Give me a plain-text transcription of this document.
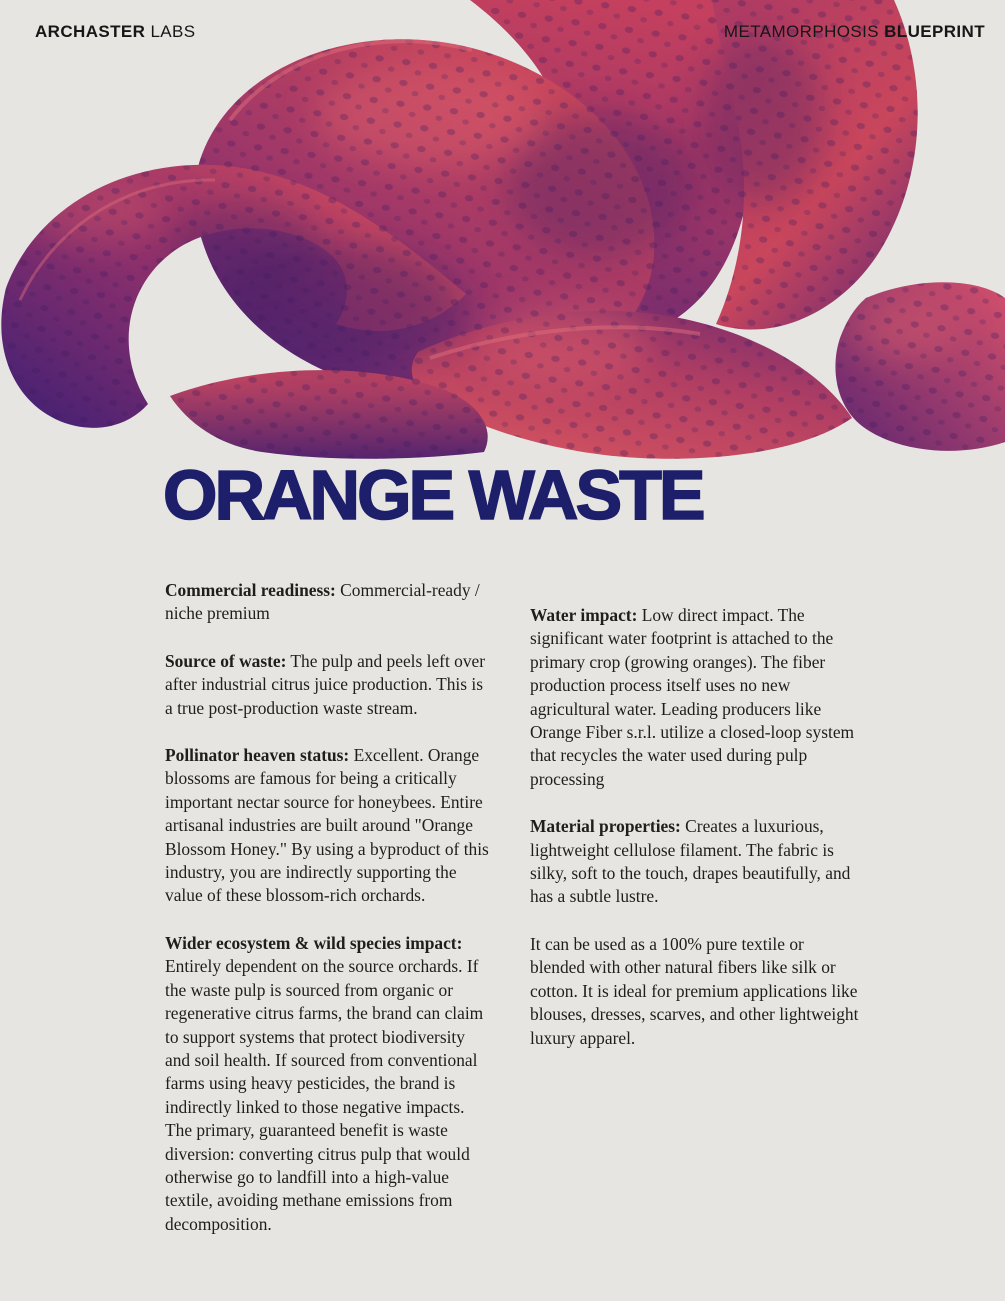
ARCHASTER LABS	METAMORPHOSIS BLUEPRINT
ORANGE WASTE

Commercial readiness: Commercial-ready / niche premium

Source of waste: The pulp and peels left over after industrial citrus juice production. This is a true post-production waste stream.

Pollinator heaven status: Excellent. Orange blossoms are famous for being a critically important nectar source for honeybees. Entire artisanal industries are built around "Orange Blossom Honey." By using a byproduct of this industry, you are indirectly supporting the value of these blossom-rich orchards.

Wider ecosystem & wild species impact: Entirely dependent on the source orchards. If the waste pulp is sourced from organic or regenerative citrus farms, the brand can claim to support systems that protect biodiversity and soil health. If sourced from conventional farms using heavy pesticides, the brand is indirectly linked to those negative impacts. The primary, guaranteed benefit is waste diversion: converting citrus pulp that would otherwise go to landfill into a high-value textile, avoiding methane emissions from decomposition.

Water impact: Low direct impact. The significant water footprint is attached to the primary crop (growing oranges). The fiber production process itself uses no new agricultural water. Leading producers like Orange Fiber s.r.l. utilize a closed-loop system that recycles the water used during pulp processing

Material properties: Creates a luxurious, lightweight cellulose filament. The fabric is silky, soft to the touch, drapes beautifully, and has a subtle lustre.

It can be used as a 100% pure textile or blended with other natural fibers like silk or cotton. It is ideal for premium applications like blouses, dresses, scarves, and other lightweight luxury apparel.
